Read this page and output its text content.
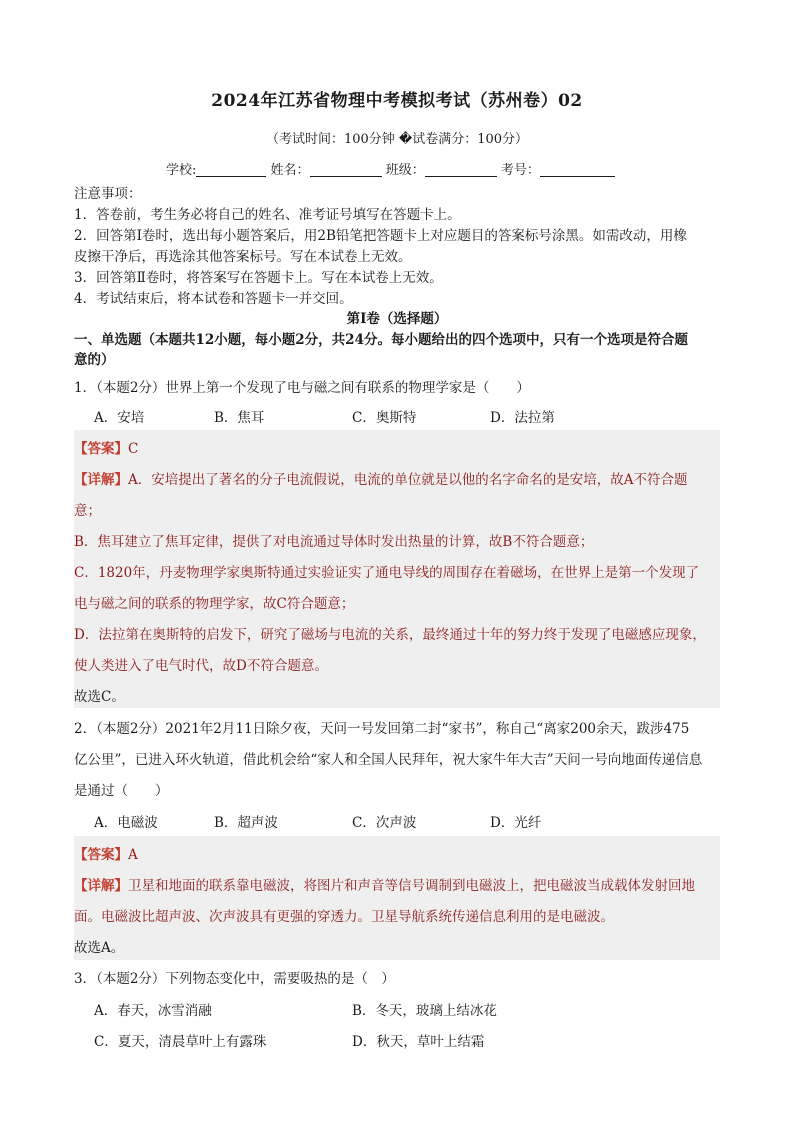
2024年江苏省物理中考模拟考试（苏州卷）02
（考试时间：100分钟 �试卷满分：100分）
学校:	姓名：	班级：	考号：
注意事项：
1．答卷前，考生务必将自己的姓名、准考证号填写在答题卡上。
2．回答第Ⅰ卷时，选出每小题答案后，用2B铅笔把答题卡上对应题目的答案标号涂黑。如需改动，用橡
皮擦干净后，再选涂其他答案标号。写在本试卷上无效。
3．回答第Ⅱ卷时，将答案写在答题卡上。写在本试卷上无效。
4．考试结束后，将本试卷和答题卡一并交回。
第Ⅰ卷（选择题）
一、单选题（本题共12小题，每小题2分，共24分。每小题给出的四个选项中，只有一个选项是符合题
意的）
1．（本题2分）世界上第一个发现了电与磁之间有联系的物理学家是（　　）
A．安培	B．焦耳	C．奥斯特	D．法拉第
【答案】C
【详解】A．安培提出了著名的分子电流假说，电流的单位就是以他的名字命名的是安培，故A不符合题
意；
B．焦耳建立了焦耳定律，提供了对电流通过导体时发出热量的计算，故B不符合题意；
C．1820年，丹麦物理学家奥斯特通过实验证实了通电导线的周围存在着磁场，在世界上是第一个发现了
电与磁之间的联系的物理学家，故C符合题意；
D．法拉第在奥斯特的启发下，研究了磁场与电流的关系，最终通过十年的努力终于发现了电磁感应现象，
使人类进入了电气时代，故D不符合题意。
故选C。
2．（本题2分）2021年2月11日除夕夜，天问一号发回第二封“家书”，称自己“离家200余天，跋涉475
亿公里”，已进入环火轨道，借此机会给“家人和全国人民拜年，祝大家牛年大吉”天问一号向地面传递信息
是通过（　　）
A．电磁波	B．超声波	C．次声波	D．光纤
【答案】A
【详解】卫星和地面的联系靠电磁波，将图片和声音等信号调制到电磁波上，把电磁波当成载体发射回地
面。电磁波比超声波、次声波具有更强的穿透力。卫星导航系统传递信息利用的是电磁波。
故选A。
3．（本题2分）下列物态变化中，需要吸热的是（　）
A．春天，冰雪消融	B．冬天，玻璃上结冰花
C．夏天，清晨草叶上有露珠	D．秋天，草叶上结霜
